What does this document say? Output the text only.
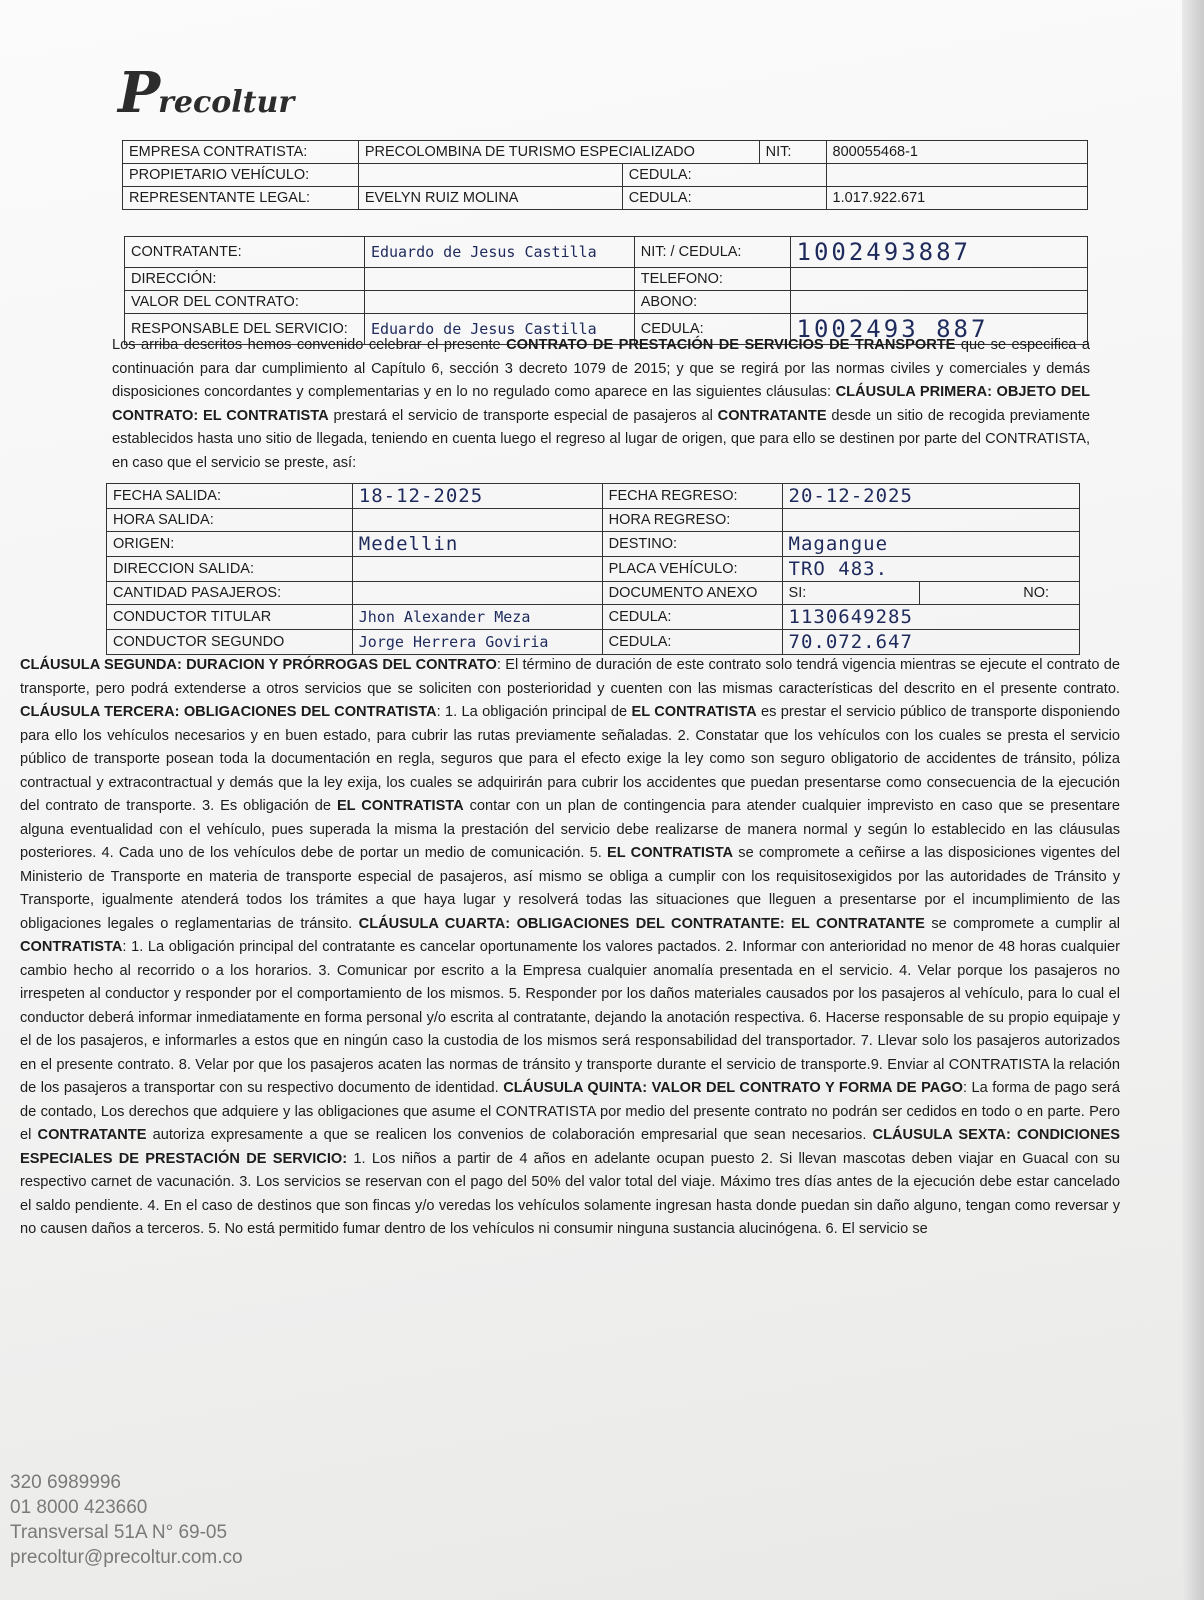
Precoltur
EMPRESA CONTRATISTA:	PRECOLOMBINA DE TURISMO ESPECIALIZADO		NIT:	800055468-1
PROPIETARIO VEHÍCULO:		CEDULA:		
REPRESENTANTE LEGAL:	EVELYN RUIZ MOLINA	CEDULA:		1.017.922.671
CONTRATANTE:	Eduardo de Jesus Castilla	NIT: / CEDULA:	1002493887
DIRECCIÓN:		TELEFONO:	
VALOR DEL CONTRATO:		ABONO:	
RESPONSABLE DEL SERVICIO:	Eduardo de Jesus Castilla	CEDULA:	1002493 887

Los arriba descritos hemos convenido celebrar el presente CONTRATO DE PRESTACIÓN DE SERVICIOS DE TRANSPORTE que se especifica a continuación para dar cumplimiento al Capítulo 6, sección 3 decreto 1079 de 2015; y que se regirá por las normas civiles y comerciales y demás disposiciones concordantes y complementarias y en lo no regulado como aparece en las siguientes cláusulas: CLÁUSULA PRIMERA: OBJETO DEL CONTRATO: EL CONTRATISTA prestará el servicio de transporte especial de pasajeros al CONTRATANTE desde un sitio de recogida previamente establecidos hasta uno sitio de llegada, teniendo en cuenta luego el regreso al lugar de origen, que para ello se destinen por parte del CONTRATISTA, en caso que el servicio se preste, así:

FECHA SALIDA:	18-12-2025	FECHA REGRESO:	20-12-2025	
HORA SALIDA:		HORA REGRESO:		
ORIGEN:	Medellin	DESTINO:	Magangue	
DIRECCION SALIDA:		PLACA VEHÍCULO:	TRO 483.	
CANTIDAD PASAJEROS:		DOCUMENTO ANEXO	SI:	NO:
CONDUCTOR TITULAR	Jhon Alexander Meza	CEDULA:	1130649285	
CONDUCTOR SEGUNDO	Jorge Herrera Goviria	CEDULA:	70.072.647	

CLÁUSULA SEGUNDA: DURACION Y PRÓRROGAS DEL CONTRATO: El término de duración de este contrato solo tendrá vigencia mientras se ejecute el contrato de transporte, pero podrá extenderse a otros servicios que se soliciten con posterioridad y cuenten con las mismas características del descrito en el presente contrato. CLÁUSULA TERCERA: OBLIGACIONES DEL CONTRATISTA: 1. La obligación principal de EL CONTRATISTA es prestar el servicio público de transporte disponiendo para ello los vehículos necesarios y en buen estado, para cubrir las rutas previamente señaladas. 2. Constatar que los vehículos con los cuales se presta el servicio público de transporte posean toda la documentación en regla, seguros que para el efecto exige la ley como son seguro obligatorio de accidentes de tránsito, póliza contractual y extracontractual y demás que la ley exija, los cuales se adquirirán para cubrir los accidentes que puedan presentarse como consecuencia de la ejecución del contrato de transporte. 3. Es obligación de EL CONTRATISTA contar con un plan de contingencia para atender cualquier imprevisto en caso que se presentare alguna eventualidad con el vehículo, pues superada la misma la prestación del servicio debe realizarse de manera normal y según lo establecido en las cláusulas posteriores. 4. Cada uno de los vehículos debe de portar un medio de comunicación. 5. EL CONTRATISTA se compromete a ceñirse a las disposiciones vigentes del Ministerio de Transporte en materia de transporte especial de pasajeros, así mismo se obliga a cumplir con los requisitosexigidos por las autoridades de Tránsito y Transporte, igualmente atenderá todos los trámites a que haya lugar y resolverá todas las situaciones que lleguen a presentarse por el incumplimiento de las obligaciones legales o reglamentarias de tránsito. CLÁUSULA CUARTA: OBLIGACIONES DEL CONTRATANTE: EL CONTRATANTE se compromete a cumplir al CONTRATISTA: 1. La obligación principal del contratante es cancelar oportunamente los valores pactados. 2. Informar con anterioridad no menor de 48 horas cualquier cambio hecho al recorrido o a los horarios. 3. Comunicar por escrito a la Empresa cualquier anomalía presentada en el servicio. 4. Velar porque los pasajeros no irrespeten al conductor y responder por el comportamiento de los mismos. 5. Responder por los daños materiales causados por los pasajeros al vehículo, para lo cual el conductor deberá informar inmediatamente en forma personal y/o escrita al contratante, dejando la anotación respectiva. 6. Hacerse responsable de su propio equipaje y el de los pasajeros, e informarles a estos que en ningún caso la custodia de los mismos será responsabilidad del transportador. 7. Llevar solo los pasajeros autorizados en el presente contrato. 8. Velar por que los pasajeros acaten las normas de tránsito y transporte durante el servicio de transporte.9. Enviar al CONTRATISTA la relación de los pasajeros a transportar con su respectivo documento de identidad. CLÁUSULA QUINTA: VALOR DEL CONTRATO Y FORMA DE PAGO: La forma de pago será de contado, Los derechos que adquiere y las obligaciones que asume el CONTRATISTA por medio del presente contrato no podrán ser cedidos en todo o en parte. Pero el CONTRATANTE autoriza expresamente a que se realicen los convenios de colaboración empresarial que sean necesarios. CLÁUSULA SEXTA: CONDICIONES ESPECIALES DE PRESTACIÓN DE SERVICIO: 1. Los niños a partir de 4 años en adelante ocupan puesto 2. Si llevan mascotas deben viajar en Guacal con su respectivo carnet de vacunación. 3. Los servicios se reservan con el pago del 50% del valor total del viaje. Máximo tres días antes de la ejecución debe estar cancelado el saldo pendiente. 4. En el caso de destinos que son fincas y/o veredas los vehículos solamente ingresan hasta donde puedan sin daño alguno, tengan como reversar y no causen daños a terceros. 5. No está permitido fumar dentro de los vehículos ni consumir ninguna sustancia alucinógena. 6. El servicio se

320 6989996
01 8000 423660
Transversal 51A N° 69-05
precoltur@precoltur.com.co
